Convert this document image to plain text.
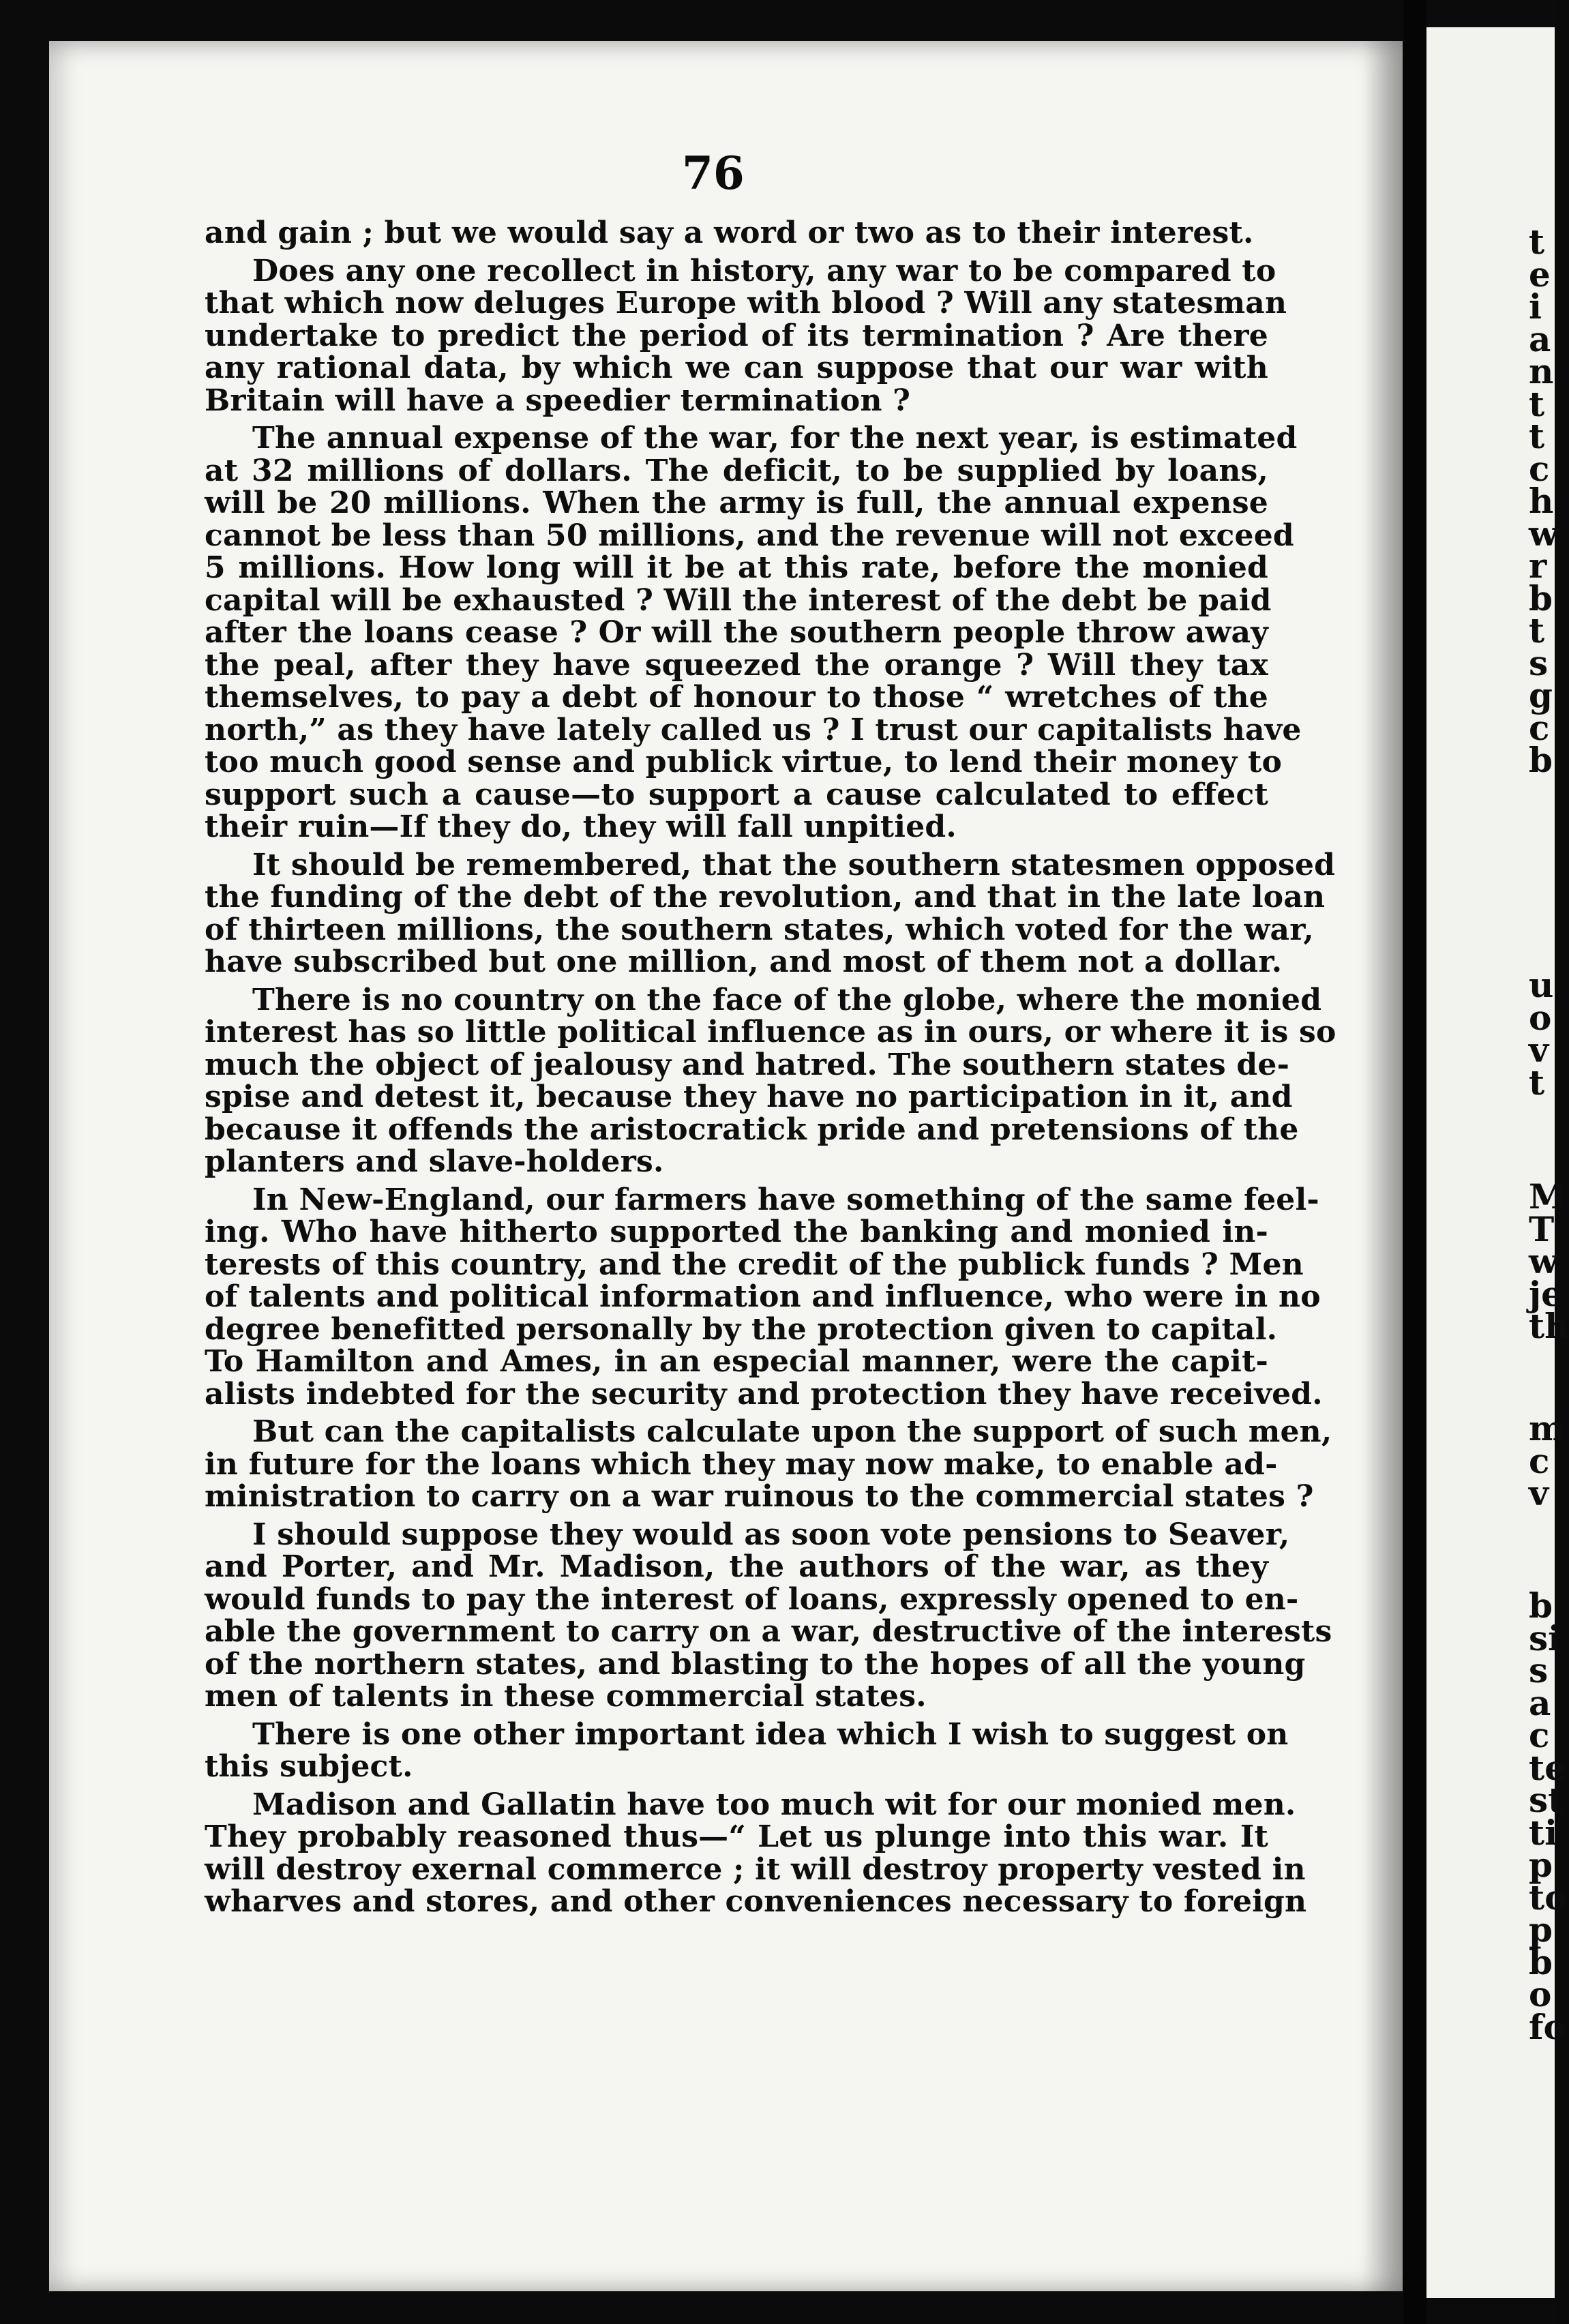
76
and gain ; but we would say a word or two as to their interest.
Does any one recollect in history, any war to be compared to
that which now deluges Europe with blood ? Will any statesman
undertake to predict the period of its termination ? Are there
any rational data, by which we can suppose that our war with
Britain will have a speedier termination ?
The annual expense of the war, for the next year, is estimated
at 32 millions of dollars. The deficit, to be supplied by loans,
will be 20 millions. When the army is full, the annual expense
cannot be less than 50 millions, and the revenue will not exceed
5 millions. How long will it be at this rate, before the monied
capital will be exhausted ? Will the interest of the debt be paid
after the loans cease ? Or will the southern people throw away
the peal, after they have squeezed the orange ? Will they tax
themselves, to pay a debt of honour to those “ wretches of the
north,” as they have lately called us ? I trust our capitalists have
too much good sense and publick virtue, to lend their money to
support such a cause—to support a cause calculated to effect
their ruin—If they do, they will fall unpitied.
It should be remembered, that the southern statesmen opposed
the funding of the debt of the revolution, and that in the late loan
of thirteen millions, the southern states, which voted for the war,
have subscribed but one million, and most of them not a dollar.
There is no country on the face of the globe, where the monied
interest has so little political influence as in ours, or where it is so
much the object of jealousy and hatred. The southern states de-
spise and detest it, because they have no participation in it, and
because it offends the aristocratick pride and pretensions of the
planters and slave-holders.
In New-England, our farmers have something of the same feel-
ing. Who have hitherto supported the banking and monied in-
terests of this country, and the credit of the publick funds ? Men
of talents and political information and influence, who were in no
degree benefitted personally by the protection given to capital.
To Hamilton and Ames, in an especial manner, were the capit-
alists indebted for the security and protection they have received.
But can the capitalists calculate upon the support of such men,
in future for the loans which they may now make, to enable ad-
ministration to carry on a war ruinous to the commercial states ?
I should suppose they would as soon vote pensions to Seaver,
and Porter, and Mr. Madison, the authors of the war, as they
would funds to pay the interest of loans, expressly opened to en-
able the government to carry on a war, destructive of the interests
of the northern states, and blasting to the hopes of all the young
men of talents in these commercial states.
There is one other important idea which I wish to suggest on
this subject.
Madison and Gallatin have too much wit for our monied men.
They probably reasoned thus—“ Let us plunge into this war. It
will destroy exernal commerce ; it will destroy property vested in
wharves and stores, and other conveniences necessary to foreign
t
e
i
a
n
t
t
c
h
w
r
b
t
s
g
c
b
u
o
v
t
M
T
w
je
th
m
c
v
b
si
s
a
c
te
st
ti
p
to
p
b
o
fo
